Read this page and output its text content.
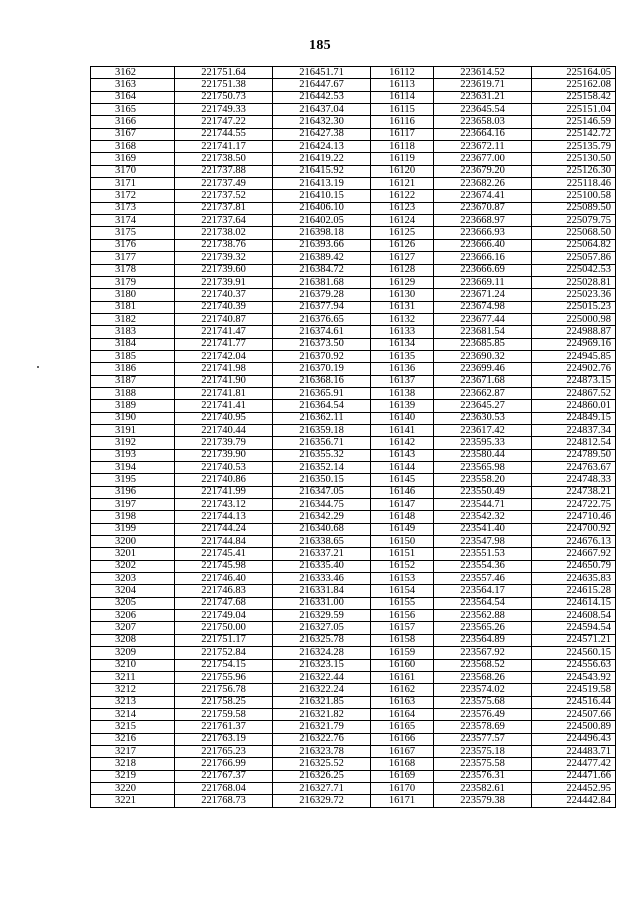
185
3162	221751.64	216451.71	16112	223614.52	225164.05
3163	221751.38	216447.67	16113	223619.71	225162.08
3164	221750.73	216442.53	16114	223631.21	225158.42
3165	221749.33	216437.04	16115	223645.54	225151.04
3166	221747.22	216432.30	16116	223658.03	225146.59
3167	221744.55	216427.38	16117	223664.16	225142.72
3168	221741.17	216424.13	16118	223672.11	225135.79
3169	221738.50	216419.22	16119	223677.00	225130.50
3170	221737.88	216415.92	16120	223679.20	225126.30
3171	221737.49	216413.19	16121	223682.26	225118.46
3172	221737.52	216410.15	16122	223674.41	225100.58
3173	221737.81	216406.10	16123	223670.87	225089.50
3174	221737.64	216402.05	16124	223668.97	225079.75
3175	221738.02	216398.18	16125	223666.93	225068.50
3176	221738.76	216393.66	16126	223666.40	225064.82
3177	221739.32	216389.42	16127	223666.16	225057.86
3178	221739.60	216384.72	16128	223666.69	225042.53
3179	221739.91	216381.68	16129	223669.11	225028.81
3180	221740.37	216379.28	16130	223671.24	225023.36
3181	221740.39	216377.94	16131	223674.98	225015.23
3182	221740.87	216376.65	16132	223677.44	225000.98
3183	221741.47	216374.61	16133	223681.54	224988.87
3184	221741.77	216373.50	16134	223685.85	224969.16
3185	221742.04	216370.92	16135	223690.32	224945.85
3186	221741.98	216370.19	16136	223699.46	224902.76
3187	221741.90	216368.16	16137	223671.68	224873.15
3188	221741.81	216365.91	16138	223662.87	224867.52
3189	221741.41	216364.54	16139	223645.27	224860.01
3190	221740.95	216362.11	16140	223630.53	224849.15
3191	221740.44	216359.18	16141	223617.42	224837.34
3192	221739.79	216356.71	16142	223595.33	224812.54
3193	221739.90	216355.32	16143	223580.44	224789.50
3194	221740.53	216352.14	16144	223565.98	224763.67
3195	221740.86	216350.15	16145	223558.20	224748.33
3196	221741.99	216347.05	16146	223550.49	224738.21
3197	221743.12	216344.75	16147	223544.71	224722.75
3198	221744.13	216342.29	16148	223542.32	224710.46
3199	221744.24	216340.68	16149	223541.40	224700.92
3200	221744.84	216338.65	16150	223547.98	224676.13
3201	221745.41	216337.21	16151	223551.53	224667.92
3202	221745.98	216335.40	16152	223554.36	224650.79
3203	221746.40	216333.46	16153	223557.46	224635.83
3204	221746.83	216331.84	16154	223564.17	224615.28
3205	221747.68	216331.00	16155	223564.54	224614.15
3206	221749.04	216329.59	16156	223562.88	224608.54
3207	221750.00	216327.05	16157	223565.26	224594.54
3208	221751.17	216325.78	16158	223564.89	224571.21
3209	221752.84	216324.28	16159	223567.92	224560.15
3210	221754.15	216323.15	16160	223568.52	224556.63
3211	221755.96	216322.44	16161	223568.26	224543.92
3212	221756.78	216322.24	16162	223574.02	224519.58
3213	221758.25	216321.85	16163	223575.68	224516.44
3214	221759.58	216321.82	16164	223576.49	224507.66
3215	221761.37	216321.79	16165	223578.69	224500.89
3216	221763.19	216322.76	16166	223577.57	224496.43
3217	221765.23	216323.78	16167	223575.18	224483.71
3218	221766.99	216325.52	16168	223575.58	224477.42
3219	221767.37	216326.25	16169	223576.31	224471.66
3220	221768.04	216327.71	16170	223582.61	224452.95
3221	221768.73	216329.72	16171	223579.38	224442.84
